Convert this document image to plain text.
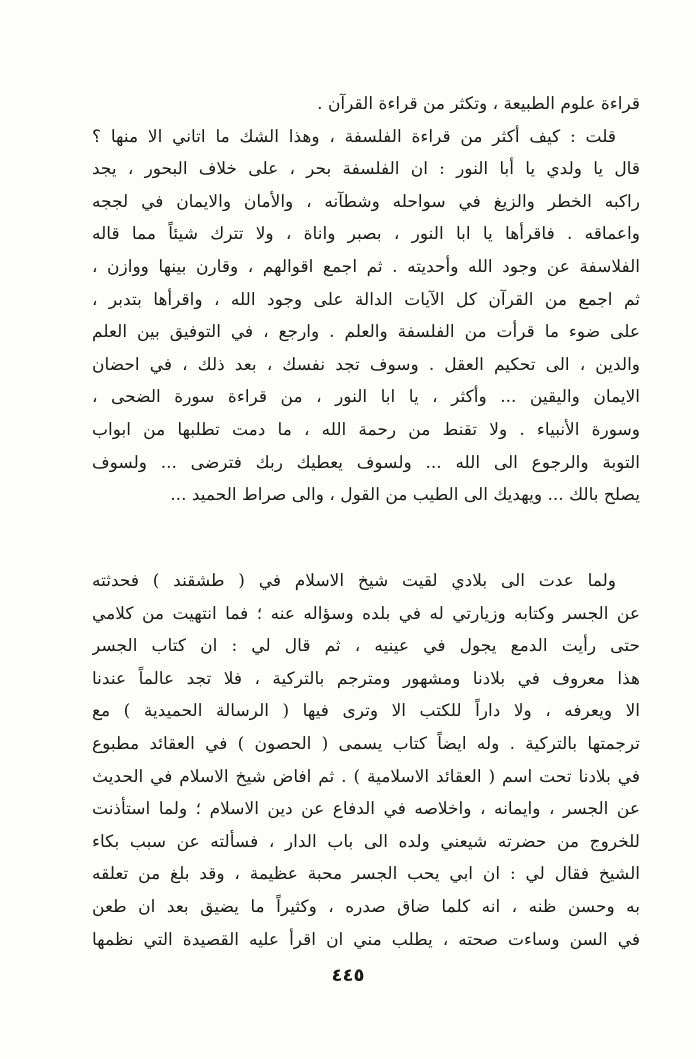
قراءة علوم الطبيعة ، وتكثر من قراءة القرآن .
قلت : كيف أكثر من قراءة الفلسفة ، وهذا الشك ما اتاني الا منها ؟
قال يا ولدي يا أبا النور : ان الفلسفة بحر ، على خلاف البحور ، يجد
راكبه الخطر والزيغ في سواحله وشطآنه ، والأمان والايمان في لججه
واعماقه . فاقرأها يا ابا النور ، بصبر واناة ، ولا تترك شيئاً مما قاله
الفلاسفة عن وجود الله وأحديته . ثم اجمع اقوالهم ، وقارن بينها ووازن ،
ثم اجمع من القرآن كل الآيات الدالة على وجود الله ، واقرأها بتدبر ،
على ضوء ما قرأت من الفلسفة والعلم . وارجع ، في التوفيق بين العلم
والدين ، الى تحكيم العقل . وسوف تجد نفسك ، بعد ذلك ، في احضان
الايمان واليقين ... وأكثر ، يا ابا النور ، من قراءة سورة الضحى ،
وسورة الأنبياء . ولا تقنط من رحمة الله ، ما دمت تطلبها من ابواب
التوبة والرجوع الى الله ... ولسوف يعطيك ربك فترضى ... ولسوف
يصلح بالك ... ويهديك الى الطيب من القول ، والى صراط الحميد ...
ولما عدت الى بلادي لقيت شيخ الاسلام في ( طشقند ) فحدثته
عن الجسر وكتابه وزيارتي له في بلده وسؤاله عنه ؛ فما انتهيت من كلامي
حتى رأيت الدمع يجول في عينيه ، ثم قال لي : ان كتاب الجسر
هذا معروف في بلادنا ومشهور ومترجم بالتركية ، فلا تجد عالماً عندنا
الا ويعرفه ، ولا داراً للكتب الا وترى فيها ( الرسالة الحميدية ) مع
ترجمتها بالتركية . وله ايضاً كتاب يسمى ( الحصون ) في العقائد مطبوع
في بلادنا تحت اسم ( العقائد الاسلامية ) . ثم افاض شيخ الاسلام في الحديث
عن الجسر ، وايمانه ، واخلاصه في الدفاع عن دين الاسلام ؛ ولما استأذنت
للخروج من حضرته شيعني ولده الى باب الدار ، فسألته عن سبب بكاء
الشيخ فقال لي : ان ابي يحب الجسر محبة عظيمة ، وقد بلغ من تعلقه
به وحسن ظنه ، انه كلما ضاق صدره ، وكثيراً ما يضيق بعد ان طعن
في السن وساءت صحته ، يطلب مني ان اقرأ عليه القصيدة التي نظمها
٤٤٥
